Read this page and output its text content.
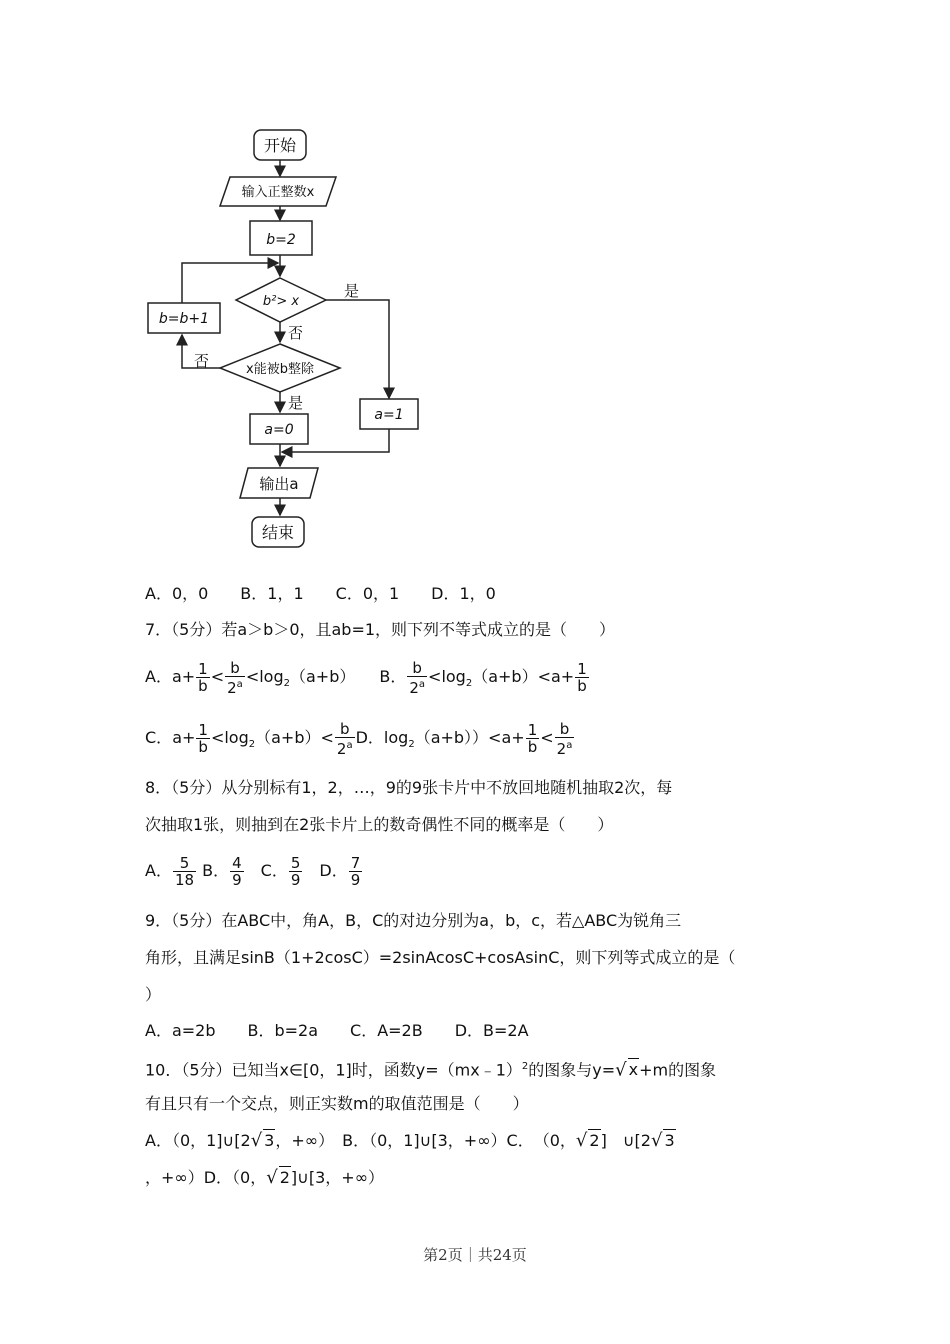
开始
输入正整数x
b=2
b²> x
b=b+1
x能被b整除
a=0
a=1
输出a
结束
是
否
否
是
A．0，0　　B．1，1　　C．0，1　　D．1，0
7．（5分）若a＞b＞0，且ab=1，则下列不等式成立的是（　　）
A．$a+ \frac{1}{b} < \frac{b}{2^a} <\log_2(a+b)$　　B． $\frac{b}{2^a} <\log_2(a+b)<a+ \frac{1}{b}$
C．$a+ \frac{1}{b} <\log_2(a+b)< \frac{b}{2^a}$ D．$\log_2(a+b))<a+ \frac{1}{b} < \frac{b}{2^a}$
8．（5分）从分别标有1，2，…，9的9张卡片中不放回地随机抽取2次，每
次抽取1张，则抽到在2张卡片上的数奇偶性不同的概率是（　　）
A． $\frac{5}{18}$ B． $\frac{4}{9}$ 　C． $\frac{5}{9}$ 　D． $\frac{7}{9}$
9．（5分）在ABC中，角A，B，C的对边分别为a，b，c，若△ABC为锐角三
角形，且满足sinB（1+2cosC）=2sinAcosC+cosAsinC，则下列等式成立的是（
）
A．a=2b　　B．b=2a　　C．A=2B　　D．B=2A
10．（5分）已知当x∈[0，1]时，函数y=（mx﹣1）$^2$的图象与y=√ x+m的图象
有且只有一个交点，则正实数m的取值范围是（　　）
A．（0，1]∪[2√ 3，+∞）　B．（0，1]∪[3，+∞）C．　（0，√ 2]　∪[2√ 3
，+∞）D．（0，√ 2]∪[3，+∞）
第2页｜共24页
